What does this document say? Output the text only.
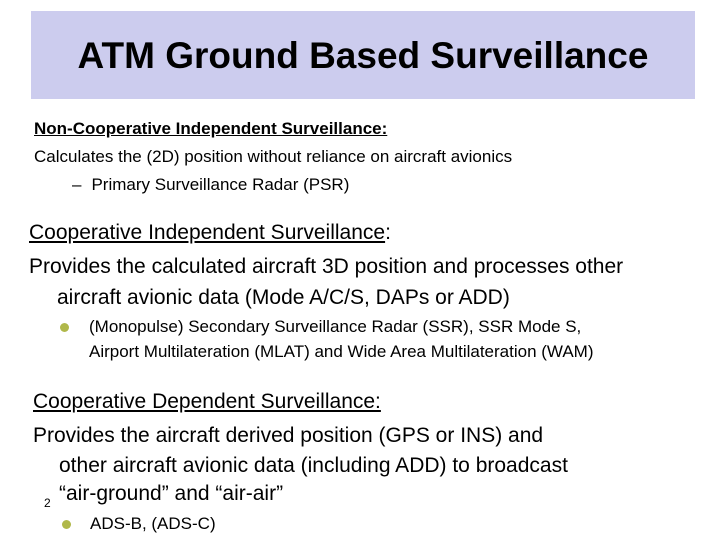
ATM Ground Based Surveillance
Non-Cooperative Independent Surveillance:
Calculates the (2D) position without reliance on aircraft avionics
– Primary Surveillance Radar (PSR)
Cooperative Independent Surveillance:
Provides the calculated aircraft 3D position and processes other
aircraft avionic data (Mode A/C/S, DAPs or ADD)
(Monopulse) Secondary Surveillance Radar (SSR), SSR Mode S,
Airport Multilateration (MLAT) and Wide Area Multilateration (WAM)
Cooperative Dependent Surveillance:
Provides the aircraft derived position (GPS or INS) and
other aircraft avionic data (including ADD) to broadcast
“air-ground” and “air-air”
2
ADS-B, (ADS-C)
